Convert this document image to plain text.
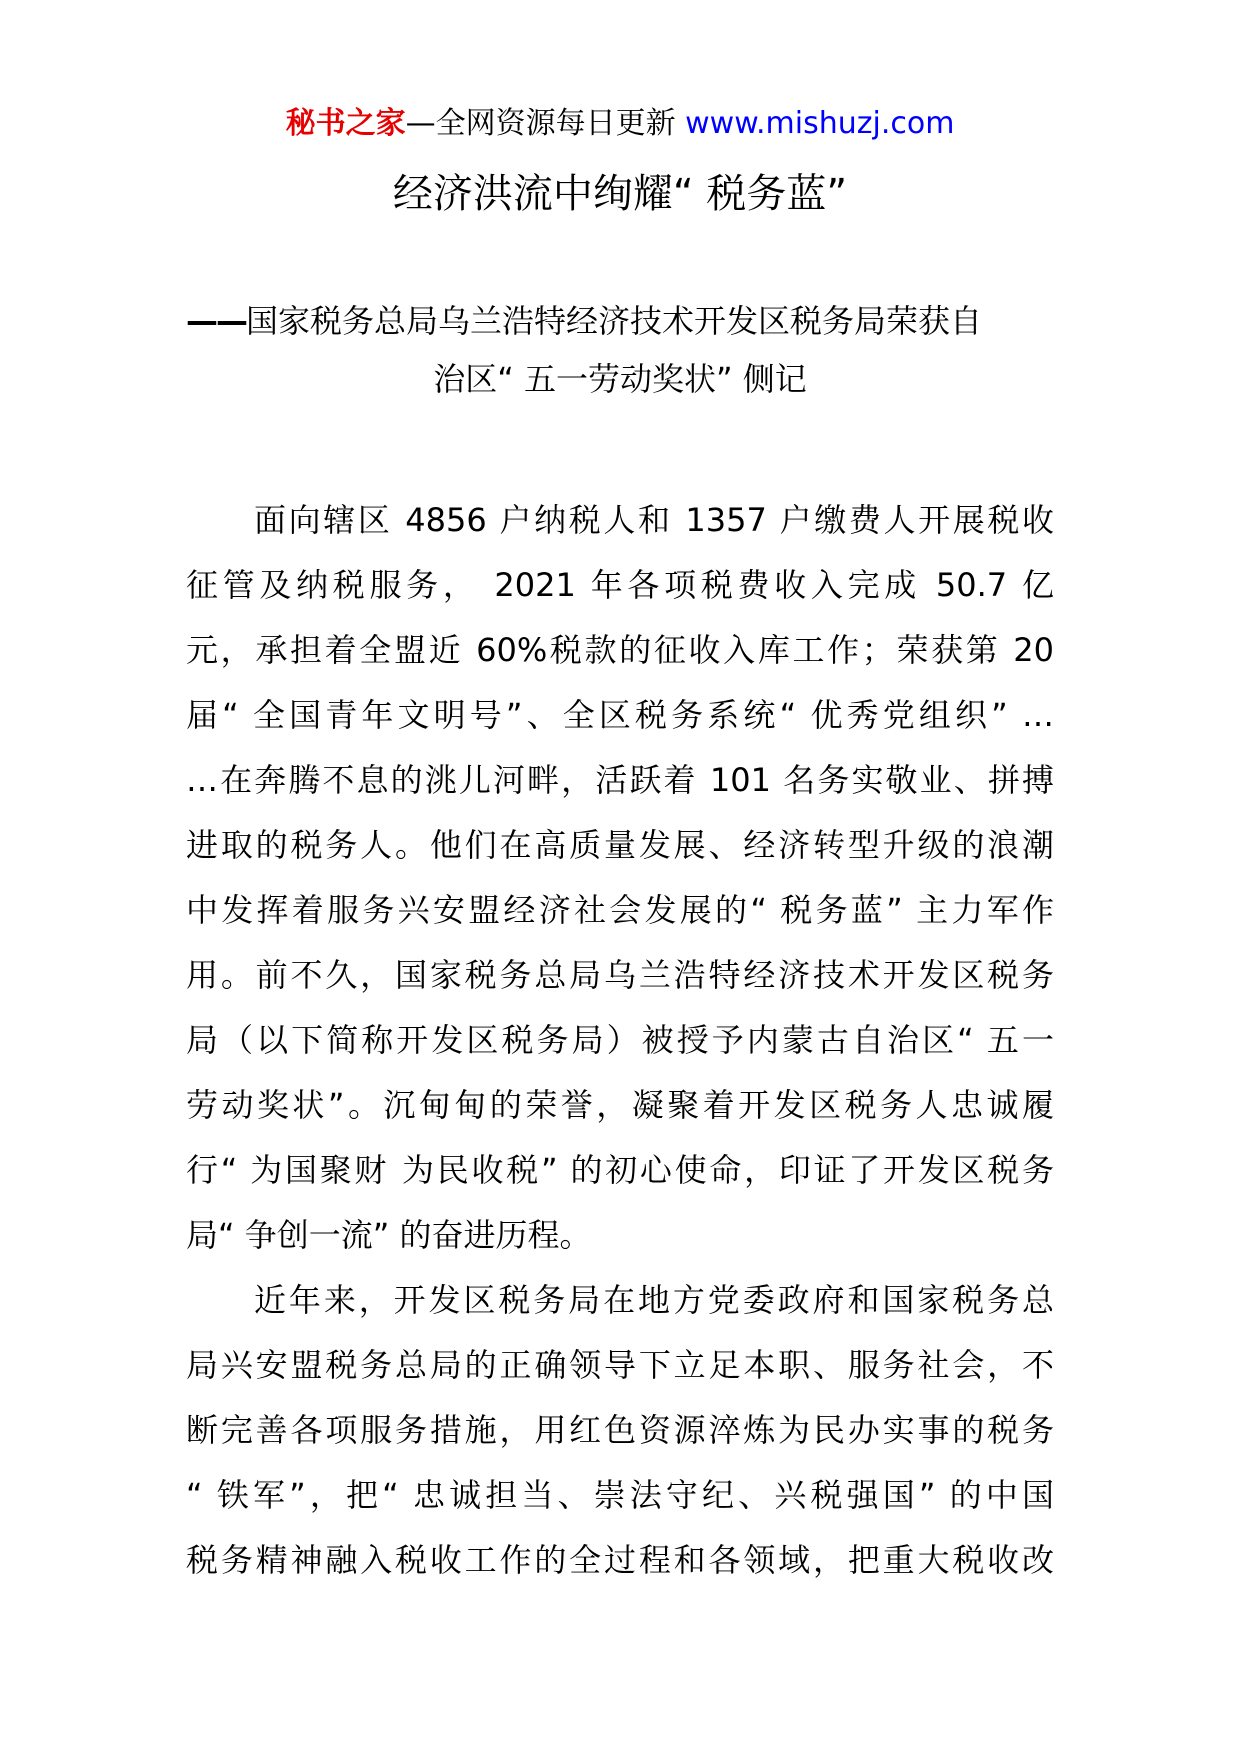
秘书之家—全网资源每日更新 www.mishuzj.com
经济洪流中绚耀“ 税务蓝”
——国家税务总局乌兰浩特经济技术开发区税务局荣获自
治区“ 五一劳动奖状” 侧记
面向辖区 4856 户纳税人和 1357 户缴费人开展税收
征管及纳税服务， 2021 年各项税费收入完成 50.7 亿
元，承担着全盟近 60%税款的征收入库工作；荣获第 20
届“ 全国青年文明号”、全区税务系统“ 优秀党组织” …
…在奔腾不息的洮儿河畔，活跃着 101 名务实敬业、拼搏
进取的税务人。他们在高质量发展、经济转型升级的浪潮
中发挥着服务兴安盟经济社会发展的“ 税务蓝” 主力军作
用。前不久，国家税务总局乌兰浩特经济技术开发区税务
局（以下简称开发区税务局）被授予内蒙古自治区“ 五一
劳动奖状”。沉甸甸的荣誉，凝聚着开发区税务人忠诚履
行“ 为国聚财 为民收税” 的初心使命，印证了开发区税务
局“ 争创一流” 的奋进历程。
近年来，开发区税务局在地方党委政府和国家税务总
局兴安盟税务总局的正确领导下立足本职、服务社会，不
断完善各项服务措施，用红色资源淬炼为民办实事的税务
“ 铁军”，把“ 忠诚担当、崇法守纪、兴税强国” 的中国
税务精神融入税收工作的全过程和各领域，把重大税收改
